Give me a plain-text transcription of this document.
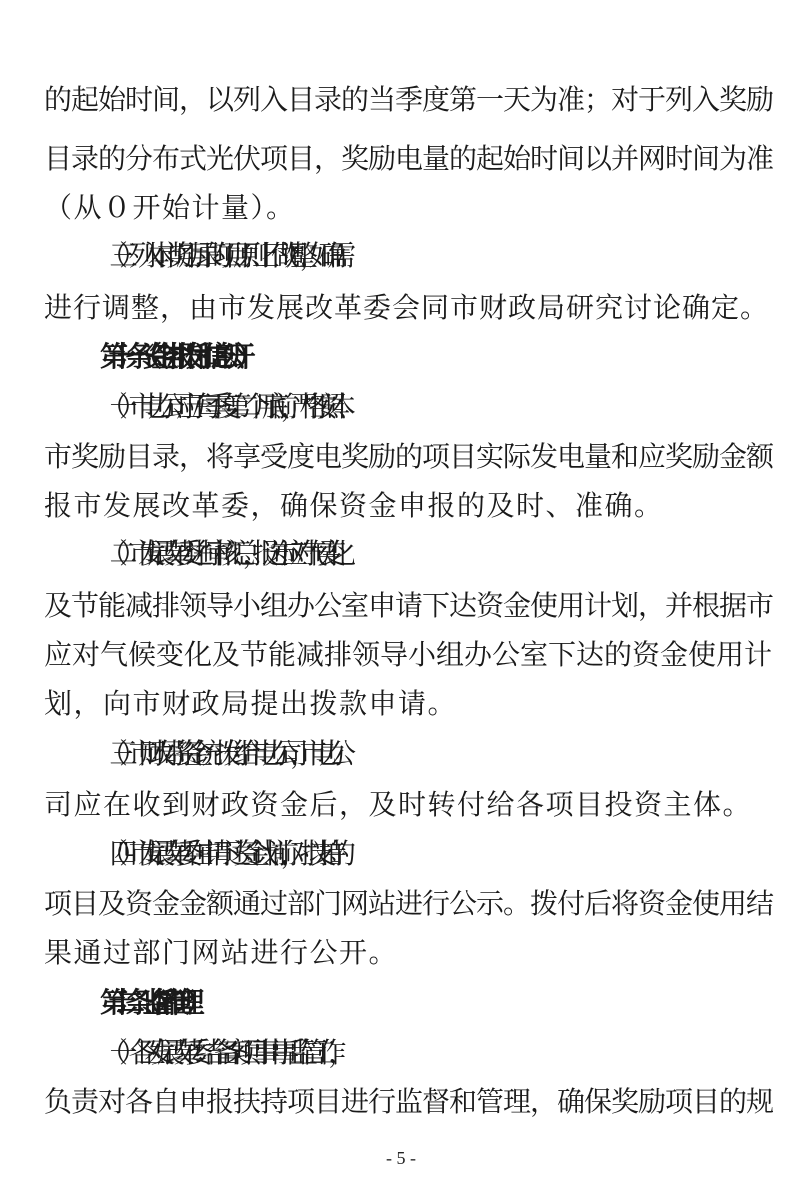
的起始时间，以列入目录的当季度第一天为准；对于列入奖励
目录的分布式光伏项目，奖励电量的起始时间以并网时间为准
（从０开始计量）。
（三）列入本市奖励目录的项目原则上不做调整，如确需
进行调整，由市发展改革委会同市财政局研究讨论确定。
第十一条（资金申报拨付和信息公开）
（一）市电力公司应于每季度第二个月底前，严格按照本
市奖励目录，将享受度电奖励的项目实际发电量和应奖励金额
报市发展改革委，确保资金申报的及时、准确。
（二）市发展改革委进行审核汇总，报送市应对气候变化
及节能减排领导小组办公室申请下达资金使用计划，并根据市
应对气候变化及节能减排领导小组办公室下达的资金使用计
划，向市财政局提出拨款申请。
（三）市财政局将资金统一拨付给市电力公司，市电力公
司应在收到财政资金后，及时转付给各项目投资主体。
（四）市发展改革委在申请下达资金计划前，对拟支持的
项目及资金金额通过部门网站进行公示。拨付后将资金使用结
果通过部门网站进行公开。
第十二条（监督和管理）
（一）各区发展改革委结合备案项目事中事后监管工作，
负责对各自申报扶持项目进行监督和管理，确保奖励项目的规
- 5 -
